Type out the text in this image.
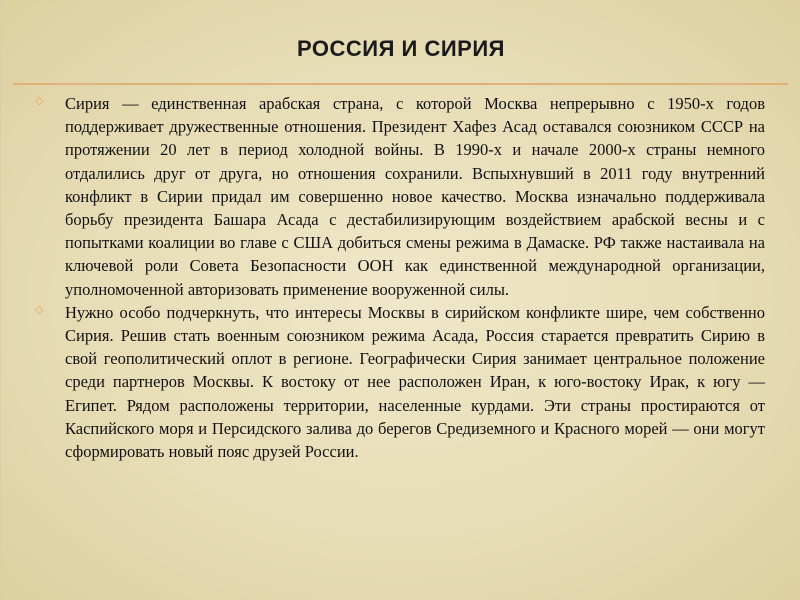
РОССИЯ И СИРИЯ

◇ Сирия — единственная арабская страна, с которой Москва непрерывно с 1950-х годов поддерживает дружественные отношения. Президент Хафез Асад оставался союзником СССР на протяжении 20 лет в период холодной войны. В 1990-х и начале 2000-х страны немного отдалились друг от друга, но отношения сохранили. Вспыхнувший в 2011 году внутренний конфликт в Сирии придал им совершенно новое качество. Москва изначально поддерживала борьбу президента Башара Асада с дестабилизирующим воздействием арабской весны и с попытками коалиции во главе с США добиться смены режима в Дамаске. РФ также настаивала на ключевой роли Совета Безопасности ООН как единственной международной организации, уполномоченной авторизовать применение вооруженной силы.

◇ Нужно особо подчеркнуть, что интересы Москвы в сирийском конфликте шире, чем собственно Сирия. Решив стать военным союзником режима Асада, Россия старается превратить Сирию в свой геополитический оплот в регионе. Географически Сирия занимает центральное положение среди партнеров Москвы. К востоку от нее расположен Иран, к юго-востоку Ирак, к югу — Египет. Рядом расположены территории, населенные курдами. Эти страны простираются от Каспийского моря и Персидского залива до берегов Средиземного и Красного морей — они могут сформировать новый пояс друзей России.
